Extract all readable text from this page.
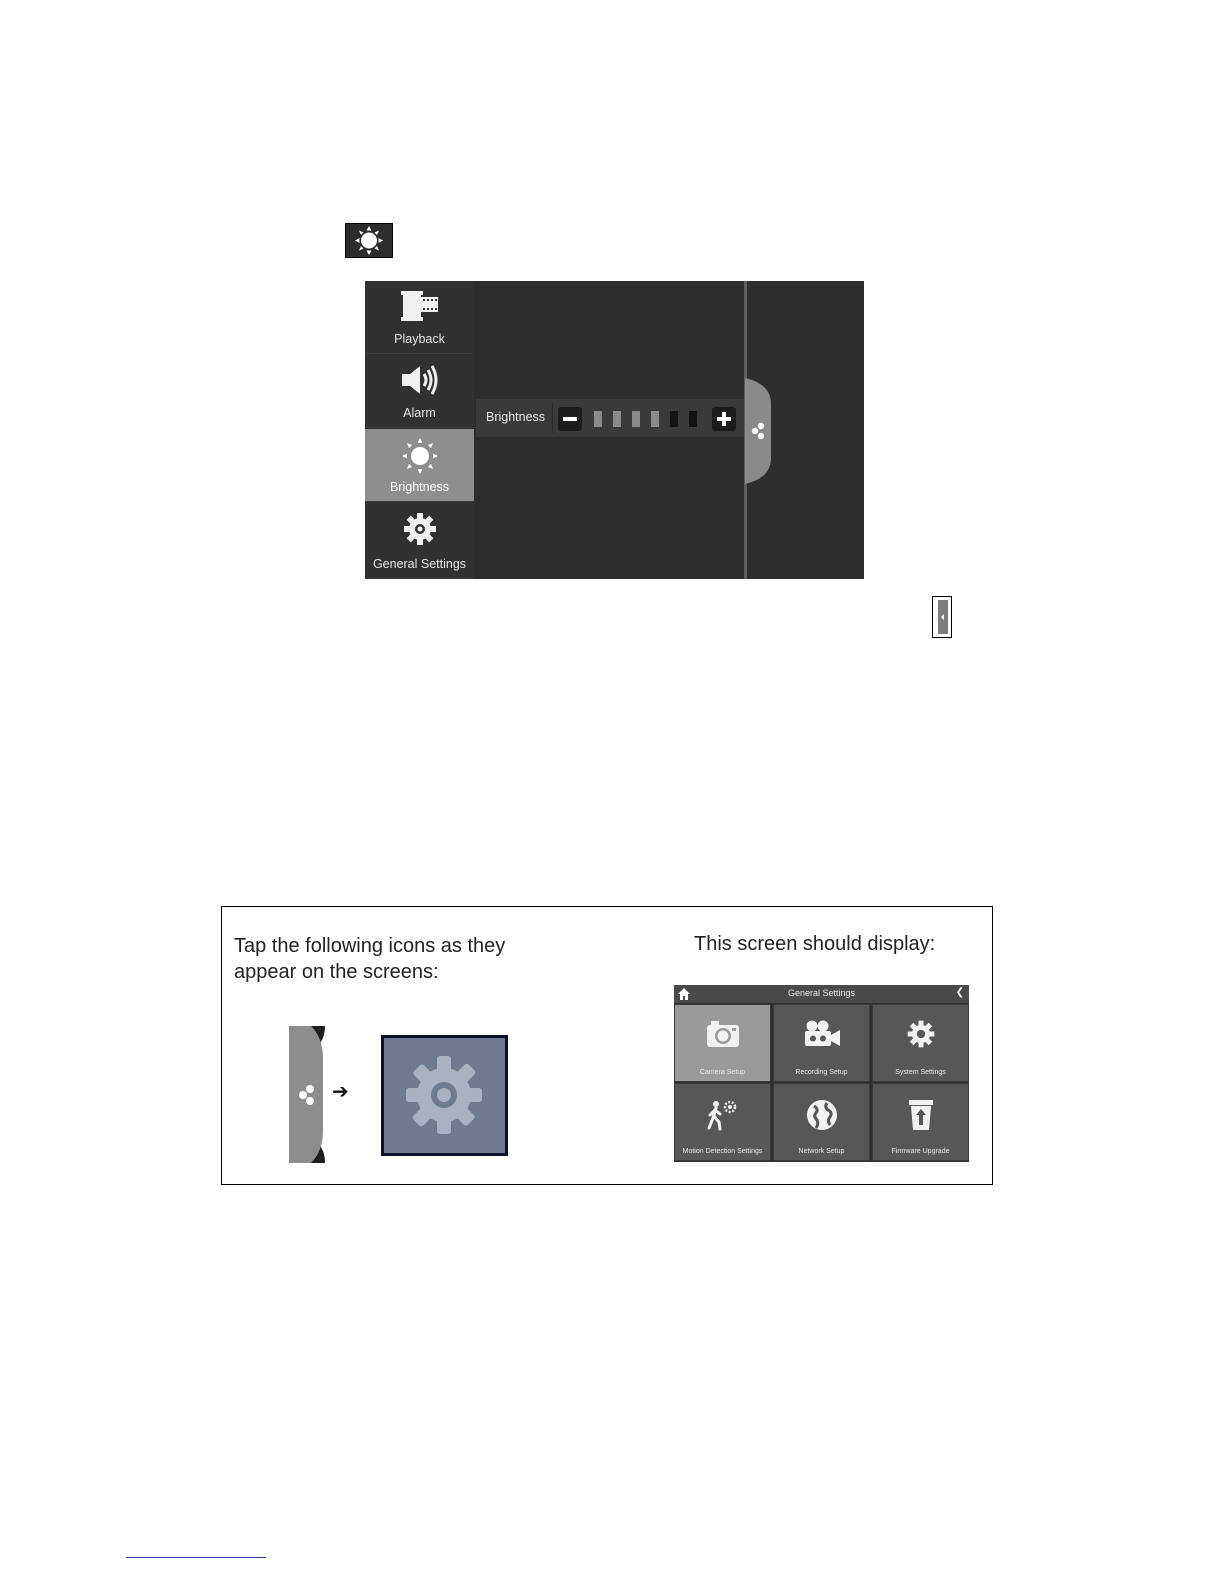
Playback
Alarm
Brightness
General Settings
Brightness
Tap the following icons as they appear on the screens:
This screen should display:
➔
General Settings	❮
Camera Setup	Recording Setup	System Settings
Motion Detection Settings	Network Setup	Firmware Upgrade
